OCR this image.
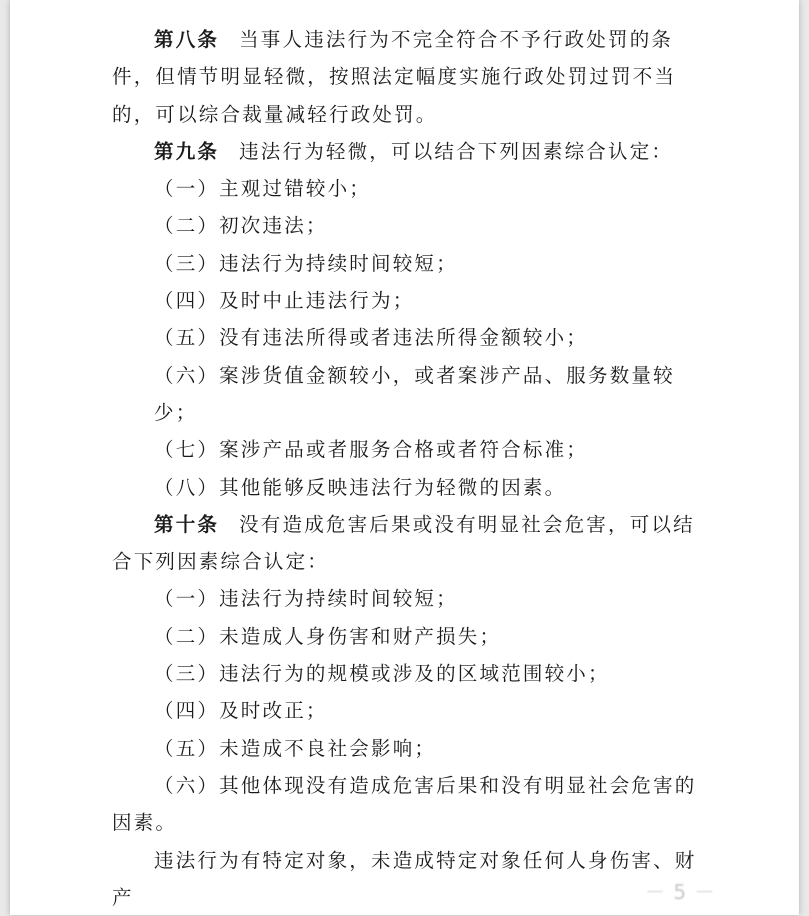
第八条 当事人违法行为不完全符合不予行政处罚的条件，但情节明显轻微，按照法定幅度实施行政处罚过罚不当的，可以综合裁量减轻行政处罚。

第九条 违法行为轻微，可以结合下列因素综合认定：

（一）主观过错较小；

（二）初次违法；

（三）违法行为持续时间较短；

（四）及时中止违法行为；

（五）没有违法所得或者违法所得金额较小；

（六）案涉货值金额较小，或者案涉产品、服务数量较少；

（七）案涉产品或者服务合格或者符合标准；

（八）其他能够反映违法行为轻微的因素。

第十条 没有造成危害后果或没有明显社会危害，可以结合下列因素综合认定：

（一）违法行为持续时间较短；

（二）未造成人身伤害和财产损失；

（三）违法行为的规模或涉及的区域范围较小；

（四）及时改正；

（五）未造成不良社会影响；

（六）其他体现没有造成危害后果和没有明显社会危害的因素。

违法行为有特定对象，未造成特定对象任何人身伤害、财产	－ 5 －
